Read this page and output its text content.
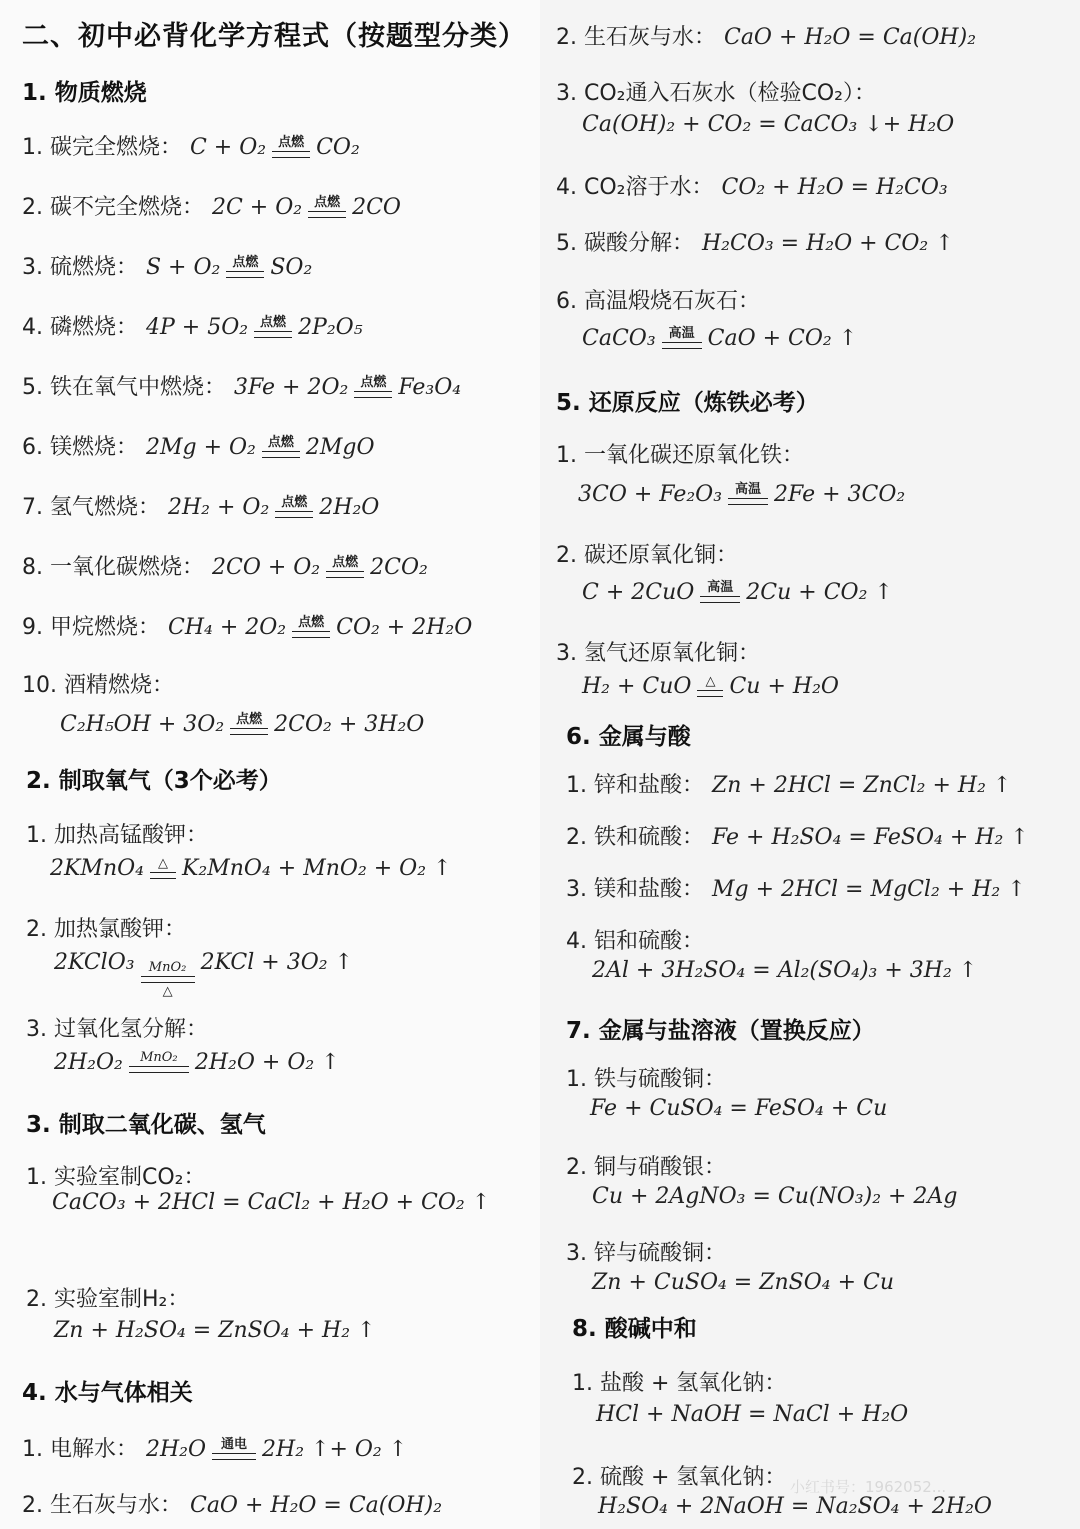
二、初中必背化学方程式（按题型分类）
1. 物质燃烧
1. 碳完全燃烧： C + O₂ 点燃 CO₂
2. 碳不完全燃烧： 2C + O₂ 点燃 2CO
3. 硫燃烧： S + O₂ 点燃 SO₂
4. 磷燃烧： 4P + 5O₂ 点燃 2P₂O₅
5. 铁在氧气中燃烧： 3Fe + 2O₂ 点燃 Fe₃O₄
6. 镁燃烧： 2Mg + O₂ 点燃 2MgO
7. 氢气燃烧： 2H₂ + O₂ 点燃 2H₂O
8. 一氧化碳燃烧： 2CO + O₂ 点燃 2CO₂
9. 甲烷燃烧： CH₄ + 2O₂ 点燃 CO₂ + 2H₂O
10. 酒精燃烧：
C₂H₅OH + 3O₂ 点燃 2CO₂ + 3H₂O
2. 制取氧气（3个必考）
1. 加热高锰酸钾：
2KMnO₄ △ K₂MnO₄ + MnO₂ + O₂ ↑
2. 加热氯酸钾：
2KClO₃ MnO₂
△
2KCl + 3O₂ ↑
3. 过氧化氢分解：
2H₂O₂ MnO₂ 2H₂O + O₂ ↑
3. 制取二氧化碳、氢气
1. 实验室制CO₂：
CaCO₃ + 2HCl = CaCl₂ + H₂O + CO₂ ↑
2. 实验室制H₂：
Zn + H₂SO₄ = ZnSO₄ + H₂ ↑
4. 水与气体相关
1. 电解水： 2H₂O 通电 2H₂ ↑+ O₂ ↑
2. 生石灰与水： CaO + H₂O = Ca(OH)₂
2. 生石灰与水： CaO + H₂O = Ca(OH)₂
3. CO₂通入石灰水（检验CO₂）：
Ca(OH)₂ + CO₂ = CaCO₃ ↓+ H₂O
4. CO₂溶于水： CO₂ + H₂O = H₂CO₃
5. 碳酸分解： H₂CO₃ = H₂O + CO₂ ↑
6. 高温煅烧石灰石：
CaCO₃ 高温 CaO + CO₂ ↑
5. 还原反应（炼铁必考）
1. 一氧化碳还原氧化铁：
3CO + Fe₂O₃ 高温 2Fe + 3CO₂
2. 碳还原氧化铜：
C + 2CuO 高温 2Cu + CO₂ ↑
3. 氢气还原氧化铜：
H₂ + CuO △ Cu + H₂O
6. 金属与酸
1. 锌和盐酸： Zn + 2HCl = ZnCl₂ + H₂ ↑
2. 铁和硫酸： Fe + H₂SO₄ = FeSO₄ + H₂ ↑
3. 镁和盐酸： Mg + 2HCl = MgCl₂ + H₂ ↑
4. 铝和硫酸：
2Al + 3H₂SO₄ = Al₂(SO₄)₃ + 3H₂ ↑
7. 金属与盐溶液（置换反应）
1. 铁与硫酸铜：
Fe + CuSO₄ = FeSO₄ + Cu
2. 铜与硝酸银：
Cu + 2AgNO₃ = Cu(NO₃)₂ + 2Ag
3. 锌与硫酸铜：
Zn + CuSO₄ = ZnSO₄ + Cu
8. 酸碱中和
1. 盐酸 + 氢氧化钠：
HCl + NaOH = NaCl + H₂O
2. 硫酸 + 氢氧化钠：
H₂SO₄ + 2NaOH = Na₂SO₄ + 2H₂O
小红书号：1962052...
